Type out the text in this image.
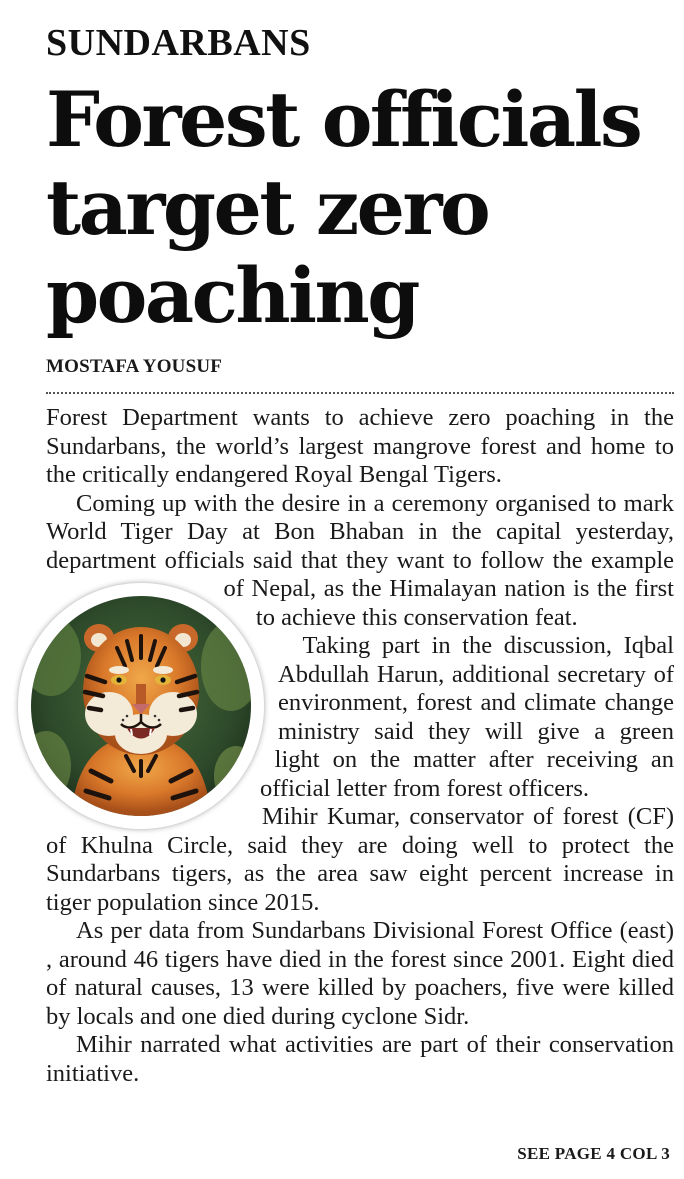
SUNDARBANS
Forest officials target zero poaching
MOSTAFA YOUSUF

Forest Department wants to achieve zero poaching in the Sundarbans, the world’s largest mangrove forest and home to the critically endangered Royal Bengal Tigers.

Coming up with the desire in a ceremony organised to mark World Tiger Day at Bon Bhaban in the capital yesterday, department officials said that they want to follow the example of Nepal, as the Himalayan nation is the first to achieve this conservation feat.

Taking part in the discussion, Iqbal Abdullah Harun, additional secretary of environment, forest and climate change ministry said they will give a green light on the matter after receiving an official letter from forest officers.

Mihir Kumar, conservator of forest (CF) of Khulna Circle, said they are doing well to protect the Sundarbans tigers, as the area saw eight percent increase in tiger population since 2015.

As per data from Sundarbans Divisional Forest Office (east) , around 46 tigers have died in the forest since 2001. Eight died of natural causes, 13 were killed by poachers, five were killed by locals and one died during cyclone Sidr.

Mihir narrated what activities are part of their conservation initiative.

SEE PAGE 4 COL 3
